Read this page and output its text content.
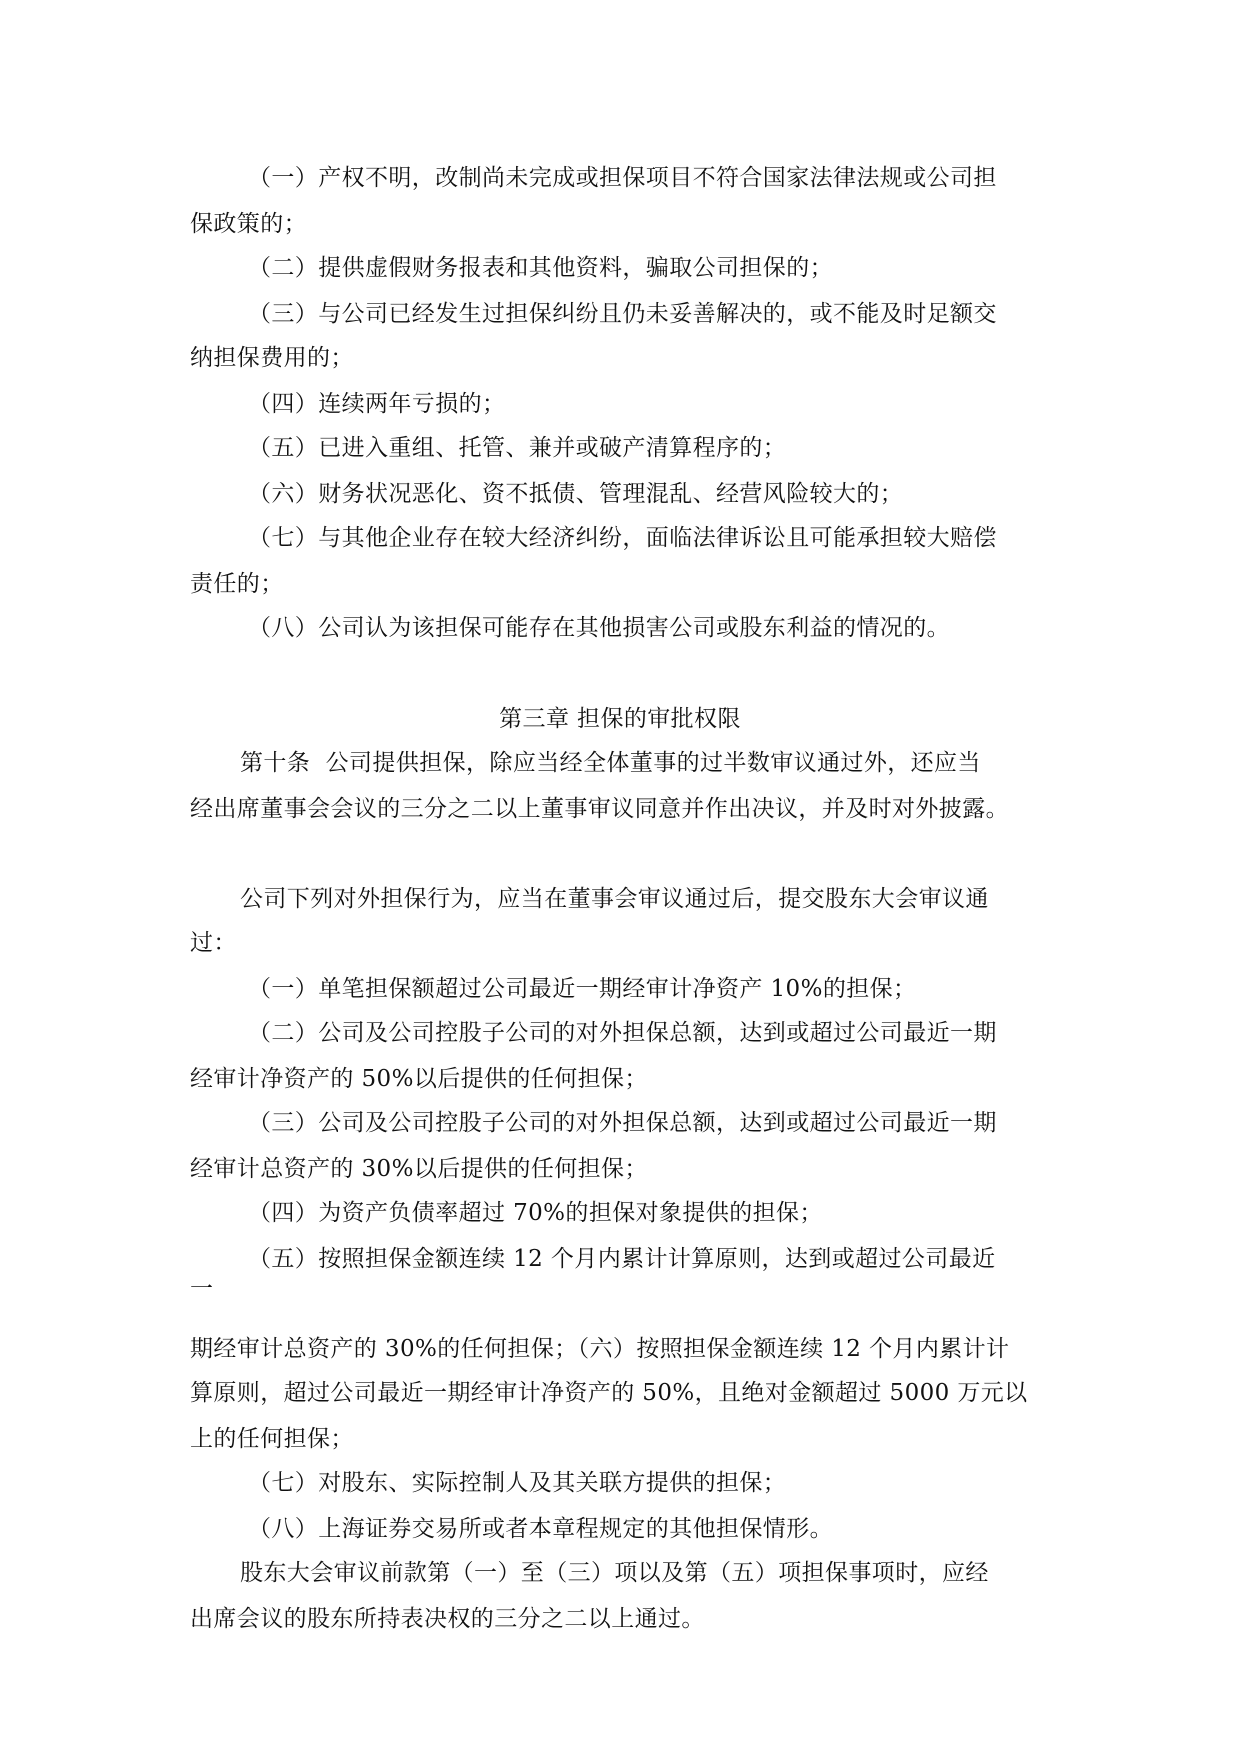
（一）产权不明，改制尚未完成或担保项目不符合国家法律法规或公司担
保政策的；
（二）提供虚假财务报表和其他资料，骗取公司担保的；
（三）与公司已经发生过担保纠纷且仍未妥善解决的，或不能及时足额交
纳担保费用的；
（四）连续两年亏损的；
（五）已进入重组、托管、兼并或破产清算程序的；
（六）财务状况恶化、资不抵债、管理混乱、经营风险较大的；
（七）与其他企业存在较大经济纠纷，面临法律诉讼且可能承担较大赔偿
责任的；
（八）公司认为该担保可能存在其他损害公司或股东利益的情况的。
第三章 担保的审批权限
第十条  公司提供担保，除应当经全体董事的过半数审议通过外，还应当
经出席董事会会议的三分之二以上董事审议同意并作出决议，并及时对外披露。
公司下列对外担保行为，应当在董事会审议通过后，提交股东大会审议通
过：
（一）单笔担保额超过公司最近一期经审计净资产 10%的担保；
（二）公司及公司控股子公司的对外担保总额，达到或超过公司最近一期
经审计净资产的 50%以后提供的任何担保；
（三）公司及公司控股子公司的对外担保总额，达到或超过公司最近一期
经审计总资产的 30%以后提供的任何担保；
（四）为资产负债率超过 70%的担保对象提供的担保；
（五）按照担保金额连续 12 个月内累计计算原则，达到或超过公司最近
一
期经审计总资产的 30%的任何担保；（六）按照担保金额连续 12 个月内累计计
算原则，超过公司最近一期经审计净资产的 50%，且绝对金额超过 5000 万元以
上的任何担保；
（七）对股东、实际控制人及其关联方提供的担保；
（八）上海证券交易所或者本章程规定的其他担保情形。
股东大会审议前款第（一）至（三）项以及第（五）项担保事项时，应经
出席会议的股东所持表决权的三分之二以上通过。
